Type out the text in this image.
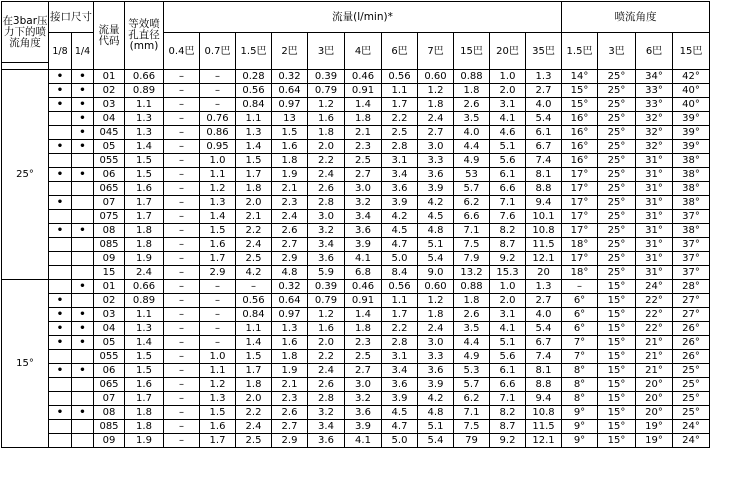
在3bar压力下的喷流角度	接口尺寸		流量代码	等效喷孔直径(mm)	流量(l/min)*											喷流角度			
	1/8	1/4			0.4巴	0.7巴	1.5巴	2巴	3巴	4巴	6巴	7巴	15巴	20巴	35巴	1.5巴	3巴	6巴	15巴

25°	•	•	01	0.66	–	–	0.28	0.32	0.39	0.46	0.56	0.60	0.88	1.0	1.3	14°	25°	34°	42°
	•	•	02	0.89	–	–	0.56	0.64	0.79	0.91	1.1	1.2	1.8	2.0	2.7	15°	25°	33°	40°
	•	•	03	1.1	–	–	0.84	0.97	1.2	1.4	1.7	1.8	2.6	3.1	4.0	15°	25°	33°	40°
		•	04	1.3	–	0.76	1.1	13	1.6	1.8	2.2	2.4	3.5	4.1	5.4	16°	25°	32°	39°
		•	045	1.3	–	0.86	1.3	1.5	1.8	2.1	2.5	2.7	4.0	4.6	6.1	16°	25°	32°	39°
	•	•	05	1.4	–	0.95	1.4	1.6	2.0	2.3	2.8	3.0	4.4	5.1	6.7	16°	25°	32°	39°
			055	1.5	–	1.0	1.5	1.8	2.2	2.5	3.1	3.3	4.9	5.6	7.4	16°	25°	31°	38°
	•	•	06	1.5	–	1.1	1.7	1.9	2.4	2.7	3.4	3.6	53	6.1	8.1	17°	25°	31°	38°
			065	1.6	–	1.2	1.8	2.1	2.6	3.0	3.6	3.9	5.7	6.6	8.8	17°	25°	31°	38°
	•		07	1.7	–	1.3	2.0	2.3	2.8	3.2	3.9	4.2	6.2	7.1	9.4	17°	25°	31°	38°
			075	1.7	–	1.4	2.1	2.4	3.0	3.4	4.2	4.5	6.6	7.6	10.1	17°	25°	31°	37°
	•	•	08	1.8	–	1.5	2.2	2.6	3.2	3.6	4.5	4.8	7.1	8.2	10.8	17°	25°	31°	38°
			085	1.8	–	1.6	2.4	2.7	3.4	3.9	4.7	5.1	7.5	8.7	11.5	18°	25°	31°	37°
			09	1.9	–	1.7	2.5	2.9	3.6	4.1	5.0	5.4	7.9	9.2	12.1	17°	25°	31°	37°
			15	2.4	–	2.9	4.2	4.8	5.9	6.8	8.4	9.0	13.2	15.3	20	18°	25°	31°	37°
15°		•	01	0.66	–	–	–	0.32	0.39	0.46	0.56	0.60	0.88	1.0	1.3	–	15°	24°	28°
	•		02	0.89	–	–	0.56	0.64	0.79	0.91	1.1	1.2	1.8	2.0	2.7	6°	15°	22°	27°
	•	•	03	1.1	–	–	0.84	0.97	1.2	1.4	1.7	1.8	2.6	3.1	4.0	6°	15°	22°	27°
	•	•	04	1.3	–	–	1.1	1.3	1.6	1.8	2.2	2.4	3.5	4.1	5.4	6°	15°	22°	26°
	•	•	05	1.4	–	–	1.4	1.6	2.0	2.3	2.8	3.0	4.4	5.1	6.7	7°	15°	21°	26°
			055	1.5	–	1.0	1.5	1.8	2.2	2.5	3.1	3.3	4.9	5.6	7.4	7°	15°	21°	26°
	•	•	06	1.5	–	1.1	1.7	1.9	2.4	2.7	3.4	3.6	5.3	6.1	8.1	8°	15°	21°	25°
			065	1.6	–	1.2	1.8	2.1	2.6	3.0	3.6	3.9	5.7	6.6	8.8	8°	15°	20°	25°
			07	1.7	–	1.3	2.0	2.3	2.8	3.2	3.9	4.2	6.2	7.1	9.4	8°	15°	20°	25°
	•	•	08	1.8	–	1.5	2.2	2.6	3.2	3.6	4.5	4.8	7.1	8.2	10.8	9°	15°	20°	25°
			085	1.8	–	1.6	2.4	2.7	3.4	3.9	4.7	5.1	7.5	8.7	11.5	9°	15°	19°	24°
			09	1.9	–	1.7	2.5	2.9	3.6	4.1	5.0	5.4	79	9.2	12.1	9°	15°	19°	24°
